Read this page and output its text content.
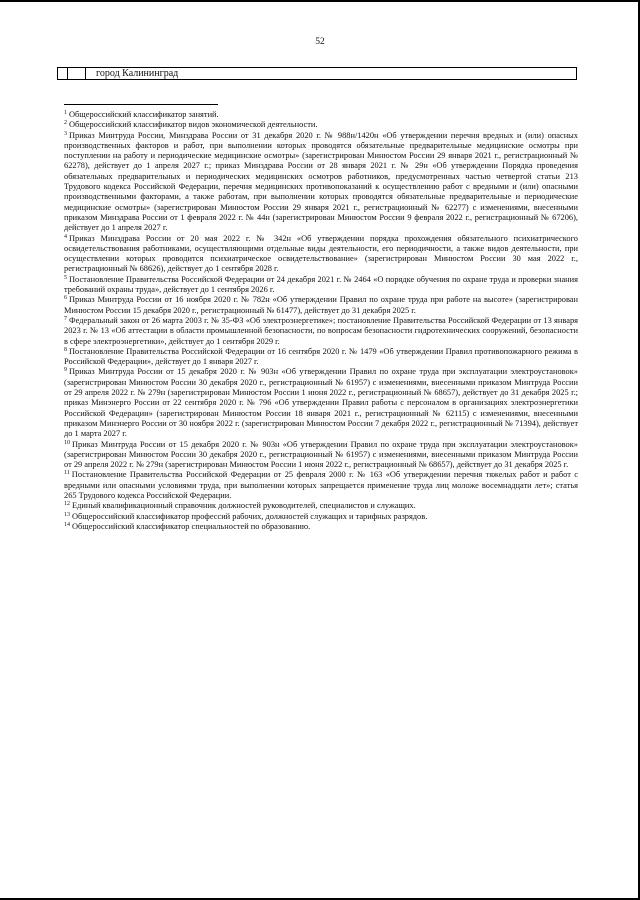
52
город Калининград

$^1$ Общероссийский классификатор занятий.

$^2$ Общероссийский классификатор видов экономической деятельности.

$^3$ Приказ Минтруда России, Минздрава России от 31 декабря 2020 г. № 988н/1420н «Об утверждении перечня вредных и (или) опасных производственных факторов и работ, при выполнении которых проводятся обязательные предварительные медицинские осмотры при поступлении на работу и периодические медицинские осмотры» (зарегистрирован Минюстом России 29 января 2021 г., регистрационный № 62278), действует до 1 апреля 2027 г.; приказ Минздрава России от 28 января 2021 г. № 29н «Об утверждении Порядка проведения обязательных предварительных и периодических медицинских осмотров работников, предусмотренных частью четвертой статьи 213 Трудового кодекса Российской Федерации, перечня медицинских противопоказаний к осуществлению работ с вредными и (или) опасными производственными факторами, а также работам, при выполнении которых проводятся обязательные предварительные и периодические медицинские осмотры» (зарегистрирован Минюстом России 29 января 2021 г., регистрационный № 62277) с изменениями, внесенными приказом Минздрава России от 1 февраля 2022 г. № 44н (зарегистрирован Минюстом России 9 февраля 2022 г., регистрационный № 67206), действует до 1 апреля 2027 г.

$^4$ Приказ Минздрава России от 20 мая 2022 г. № 342н «Об утверждении порядка прохождения обязательного психиатрического освидетельствования работниками, осуществляющими отдельные виды деятельности, его периодичности, а также видов деятельности, при осуществлении которых проводится психиатрическое освидетельствование» (зарегистрирован Минюстом России 30 мая 2022 г., регистрационный № 68626), действует до 1 сентября 2028 г.

$^5$ Постановление Правительства Российской Федерации от 24 декабря 2021 г. № 2464 «О порядке обучения по охране труда и проверки знания требований охраны труда», действует до 1 сентября 2026 г.

$^6$ Приказ Минтруда России от 16 ноября 2020 г. № 782н «Об утверждении Правил по охране труда при работе на высоте» (зарегистрирован Минюстом России 15 декабря 2020 г., регистрационный № 61477), действует до 31 декабря 2025 г.

$^7$ Федеральный закон от 26 марта 2003 г. № 35-ФЗ «Об электроэнергетике»; постановление Правительства Российской Федерации от 13 января 2023 г. № 13 «Об аттестации в области промышленной безопасности, по вопросам безопасности гидротехнических сооружений, безопасности в сфере электроэнергетики», действует до 1 сентября 2029 г.

$^8$ Постановление Правительства Российской Федерации от 16 сентября 2020 г. № 1479 «Об утверждении Правил противопожарного режима в Российской Федерации», действует до 1 января 2027 г.

$^9$ Приказ Минтруда России от 15 декабря 2020 г. № 903н «Об утверждении Правил по охране труда при эксплуатации электроустановок» (зарегистрирован Минюстом России 30 декабря 2020 г., регистрационный № 61957) с изменениями, внесенными приказом Минтруда России от 29 апреля 2022 г. № 279н (зарегистрирован Минюстом России 1 июня 2022 г., регистрационный № 68657), действует до 31 декабря 2025 г.; приказ Минэнерго России от 22 сентября 2020 г. № 796 «Об утверждении Правил работы с персоналом в организациях электроэнергетики Российской Федерации» (зарегистрирован Минюстом России 18 января 2021 г., регистрационный № 62115) с изменениями, внесенными приказом Минэнерго России от 30 ноября 2022 г. (зарегистрирован Минюстом России 7 декабря 2022 г., регистрационный № 71394), действует до 1 марта 2027 г.

$^{10}$ Приказ Минтруда России от 15 декабря 2020 г. № 903н «Об утверждении Правил по охране труда при эксплуатации электроустановок» (зарегистрирован Минюстом России 30 декабря 2020 г., регистрационный № 61957) с изменениями, внесенными приказом Минтруда России от 29 апреля 2022 г. № 279н (зарегистрирован Минюстом России 1 июня 2022 г., регистрационный № 68657), действует до 31 декабря 2025 г.

$^{11}$ Постановление Правительства Российской Федерации от 25 февраля 2000 г. № 163 «Об утверждении перечня тяжелых работ и работ с вредными или опасными условиями труда, при выполнении которых запрещается применение труда лиц моложе восемнадцати лет»; статья 265 Трудового кодекса Российской Федерации.

$^{12}$ Единый квалификационный справочник должностей руководителей, специалистов и служащих.

$^{13}$ Общероссийский классификатор профессий рабочих, должностей служащих и тарифных разрядов.

$^{14}$ Общероссийский классификатор специальностей по образованию.
